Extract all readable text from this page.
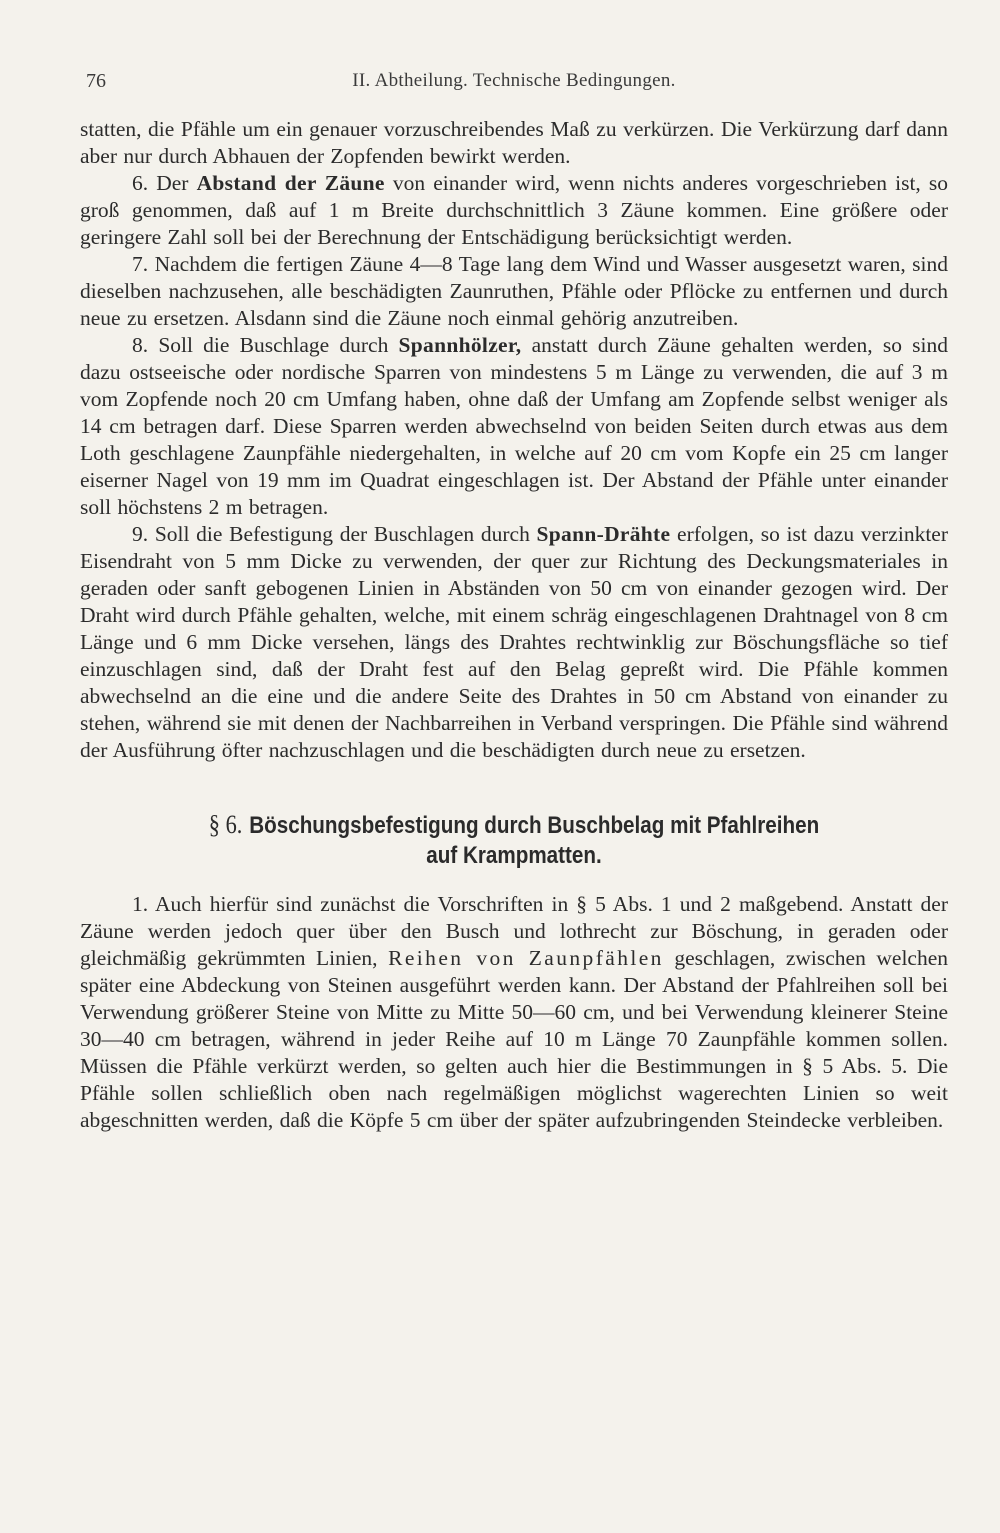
76	II. Abtheilung. Technische Bedingungen.

statten, die Pfähle um ein genauer vorzuschreibendes Maß zu verkürzen. Die Verkürzung darf dann aber nur durch Abhauen der Zopfenden bewirkt werden.

6. Der Abstand der Zäune von einander wird, wenn nichts anderes vorgeschrieben ist, so groß genommen, daß auf 1 m Breite durchschnittlich 3 Zäune kommen. Eine größere oder geringere Zahl soll bei der Berechnung der Entschädigung berücksichtigt werden.

7. Nachdem die fertigen Zäune 4—8 Tage lang dem Wind und Wasser ausgesetzt waren, sind dieselben nachzusehen, alle beschädigten Zaunruthen, Pfähle oder Pflöcke zu entfernen und durch neue zu ersetzen. Alsdann sind die Zäune noch einmal gehörig anzutreiben.

8. Soll die Buschlage durch Spannhölzer, anstatt durch Zäune gehalten werden, so sind dazu ostseeische oder nordische Sparren von mindestens 5 m Länge zu verwenden, die auf 3 m vom Zopfende noch 20 cm Umfang haben, ohne daß der Umfang am Zopfende selbst weniger als 14 cm betragen darf. Diese Sparren werden abwechselnd von beiden Seiten durch etwas aus dem Loth geschlagene Zaunpfähle niedergehalten, in welche auf 20 cm vom Kopfe ein 25 cm langer eiserner Nagel von 19 mm im Quadrat eingeschlagen ist. Der Abstand der Pfähle unter einander soll höchstens 2 m betragen.

9. Soll die Befestigung der Buschlagen durch Spann-Drähte erfolgen, so ist dazu verzinkter Eisendraht von 5 mm Dicke zu verwenden, der quer zur Richtung des Deckungsmateriales in geraden oder sanft gebogenen Linien in Abständen von 50 cm von einander gezogen wird. Der Draht wird durch Pfähle gehalten, welche, mit einem schräg eingeschlagenen Drahtnagel von 8 cm Länge und 6 mm Dicke versehen, längs des Drahtes rechtwinklig zur Böschungsfläche so tief einzuschlagen sind, daß der Draht fest auf den Belag gepreßt wird. Die Pfähle kommen abwechselnd an die eine und die andere Seite des Drahtes in 50 cm Abstand von einander zu stehen, während sie mit denen der Nachbarreihen in Verband verspringen. Die Pfähle sind während der Ausführung öfter nachzuschlagen und die beschädigten durch neue zu ersetzen.

§ 6. Böschungsbefestigung durch Buschbelag mit Pfahlreihen
auf Krampmatten.

1. Auch hierfür sind zunächst die Vorschriften in § 5 Abs. 1 und 2 maßgebend. Anstatt der Zäune werden jedoch quer über den Busch und lothrecht zur Böschung, in geraden oder gleichmäßig gekrümmten Linien, Reihen von Zaunpfählen geschlagen, zwischen welchen später eine Abdeckung von Steinen ausgeführt werden kann. Der Abstand der Pfahlreihen soll bei Verwendung größerer Steine von Mitte zu Mitte 50—60 cm, und bei Verwendung kleinerer Steine 30—40 cm betragen, während in jeder Reihe auf 10 m Länge 70 Zaunpfähle kommen sollen. Müssen die Pfähle verkürzt werden, so gelten auch hier die Bestimmungen in § 5 Abs. 5. Die Pfähle sollen schließlich oben nach regelmäßigen möglichst wagerechten Linien so weit abgeschnitten werden, daß die Köpfe 5 cm über der später aufzubringenden Steindecke verbleiben.
